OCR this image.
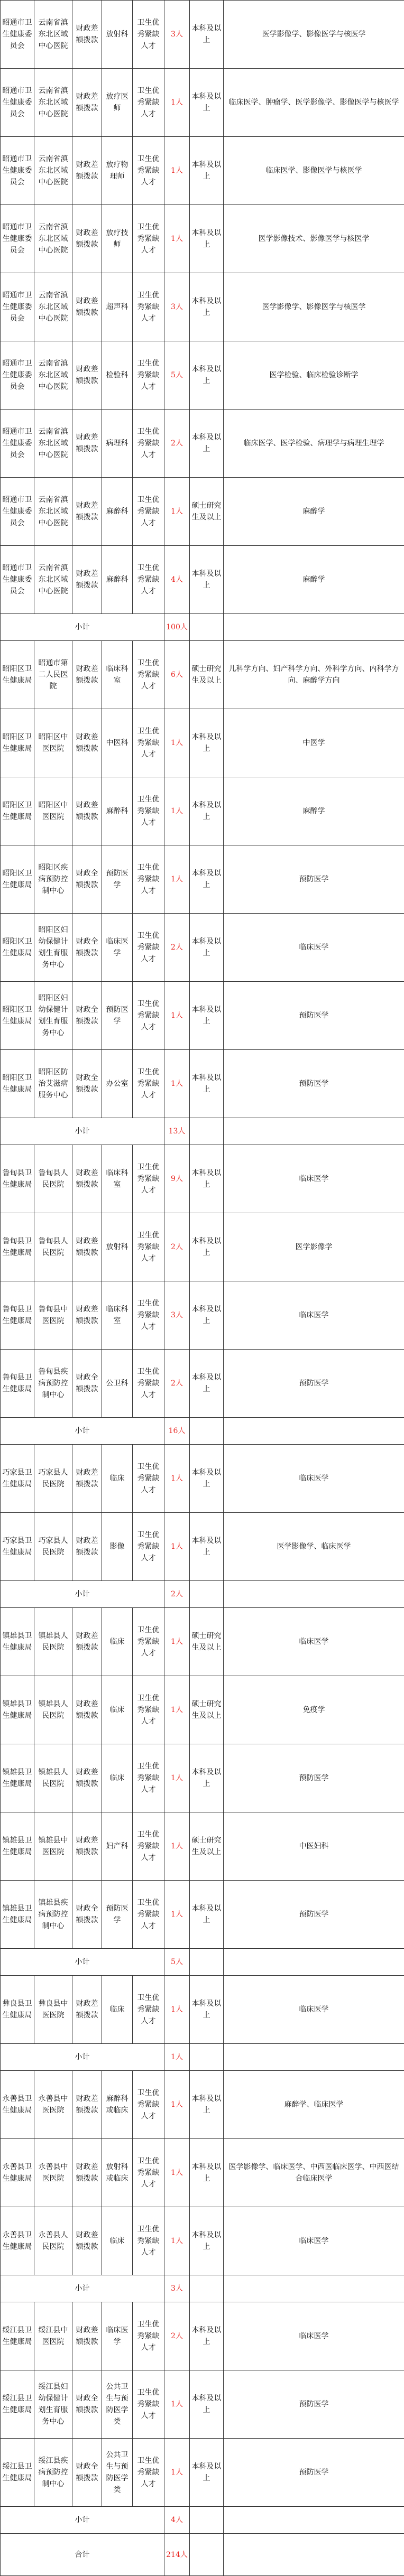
昭通市卫生健康委员会	云南省滇东北区域中心医院	财政差额拨款	放射科	卫生优秀紧缺人才	3人	本科及以上	医学影像学、影像医学与核医学
昭通市卫生健康委员会	云南省滇东北区域中心医院	财政差额拨款	放疗医师	卫生优秀紧缺人才	1人	本科及以上	临床医学、肿瘤学、医学影像学、影像医学与核医学
昭通市卫生健康委员会	云南省滇东北区域中心医院	财政差额拨款	放疗物理师	卫生优秀紧缺人才	1人	本科及以上	临床医学、影像医学与核医学
昭通市卫生健康委员会	云南省滇东北区域中心医院	财政差额拨款	放疗技师	卫生优秀紧缺人才	1人	本科及以上	医学影像技术、影像医学与核医学
昭通市卫生健康委员会	云南省滇东北区域中心医院	财政差额拨款	超声科	卫生优秀紧缺人才	3人	本科及以上	医学影像学、影像医学与核医学
昭通市卫生健康委员会	云南省滇东北区域中心医院	财政差额拨款	检验科	卫生优秀紧缺人才	5人	本科及以上	医学检验、临床检验诊断学
昭通市卫生健康委员会	云南省滇东北区域中心医院	财政差额拨款	病理科	卫生优秀紧缺人才	2人	本科及以上	临床医学、医学检验、病理学与病理生理学
昭通市卫生健康委员会	云南省滇东北区域中心医院	财政差额拨款	麻醉科	卫生优秀紧缺人才	1人	硕士研究生及以上	麻醉学
昭通市卫生健康委员会	云南省滇东北区域中心医院	财政差额拨款	麻醉科	卫生优秀紧缺人才	4人	本科及以上	麻醉学
小计					100人		
昭阳区卫生健康局	昭通市第二人民医院	财政差额拨款	临床科室	卫生优秀紧缺人才	6人	硕士研究生及以上	儿科学方向、妇产科学方向、外科学方向、内科学方向、麻醉学方向
昭阳区卫生健康局	昭阳区中医医院	财政差额拨款	中医科	卫生优秀紧缺人才	1人	本科及以上	中医学
昭阳区卫生健康局	昭阳区中医医院	财政差额拨款	麻醉科	卫生优秀紧缺人才	1人	本科及以上	麻醉学
昭阳区卫生健康局	昭阳区疾病预防控制中心	财政全额拨款	预防医学	卫生优秀紧缺人才	1人	本科及以上	预防医学
昭阳区卫生健康局	昭阳区妇幼保健计划生育服务中心	财政全额拨款	临床医学	卫生优秀紧缺人才	2人	本科及以上	临床医学
昭阳区卫生健康局	昭阳区妇幼保健计划生育服务中心	财政全额拨款	预防医学	卫生优秀紧缺人才	1人	本科及以上	预防医学
昭阳区卫生健康局	昭阳区防治艾滋病服务中心	财政全额拨款	办公室	卫生优秀紧缺人才	1人	本科及以上	预防医学
小计					13人		
鲁甸县卫生健康局	鲁甸县人民医院	财政差额拨款	临床科室	卫生优秀紧缺人才	9人	本科及以上	临床医学
鲁甸县卫生健康局	鲁甸县人民医院	财政差额拨款	放射科	卫生优秀紧缺人才	2人	本科及以上	医学影像学
鲁甸县卫生健康局	鲁甸县中医医院	财政差额拨款	临床科室	卫生优秀紧缺人才	3人	本科及以上	临床医学
鲁甸县卫生健康局	鲁甸县疾病预防控制中心	财政全额拨款	公卫科	卫生优秀紧缺人才	2人	本科及以上	预防医学
小计					16人		
巧家县卫生健康局	巧家县人民医院	财政差额拨款	临床	卫生优秀紧缺人才	1人	本科及以上	临床医学
巧家县卫生健康局	巧家县人民医院	财政差额拨款	影像	卫生优秀紧缺人才	1人	本科及以上	医学影像学、临床医学
小计					2人		
镇雄县卫生健康局	镇雄县人民医院	财政差额拨款	临床	卫生优秀紧缺人才	1人	硕士研究生及以上	临床医学
镇雄县卫生健康局	镇雄县人民医院	财政差额拨款	临床	卫生优秀紧缺人才	1人	硕士研究生及以上	免疫学
镇雄县卫生健康局	镇雄县人民医院	财政差额拨款	临床	卫生优秀紧缺人才	1人	本科及以上	预防医学
镇雄县卫生健康局	镇雄县中医医院	财政差额拨款	妇产科	卫生优秀紧缺人才	1人	硕士研究生及以上	中医妇科
镇雄县卫生健康局	镇雄县疾病预防控制中心	财政全额拨款	预防医学	卫生优秀紧缺人才	1人	本科及以上	预防医学
小计					5人		
彝良县卫生健康局	彝良县中医医院	财政差额拨款	临床	卫生优秀紧缺人才	1人	本科及以上	临床医学
小计					1人		
永善县卫生健康局	永善县中医医院	财政差额拨款	麻醉科或临床	卫生优秀紧缺人才	1人	本科及以上	麻醉学、临床医学
永善县卫生健康局	永善县中医医院	财政差额拨款	放射科或临床	卫生优秀紧缺人才	1人	本科及以上	医学影像学、临床医学、中西医临床医学、中西医结合临床医学
永善县卫生健康局	永善县人民医院	财政差额拨款	临床	卫生优秀紧缺人才	1人	本科及以上	临床医学
小计					3人		
绥江县卫生健康局	绥江县中医医院	财政差额拨款	临床医学	卫生优秀紧缺人才	2人	本科及以上	临床医学
绥江县卫生健康局	绥江县妇幼保健计划生育服务中心	财政全额拨款	公共卫生与预防医学类	卫生优秀紧缺人才	1人	本科及以上	预防医学
绥江县卫生健康局	绥江县疾病预防控制中心	财政全额拨款	公共卫生与预防医学类	卫生优秀紧缺人才	1人	本科及以上	预防医学
小计					4人		
合计					214人		
